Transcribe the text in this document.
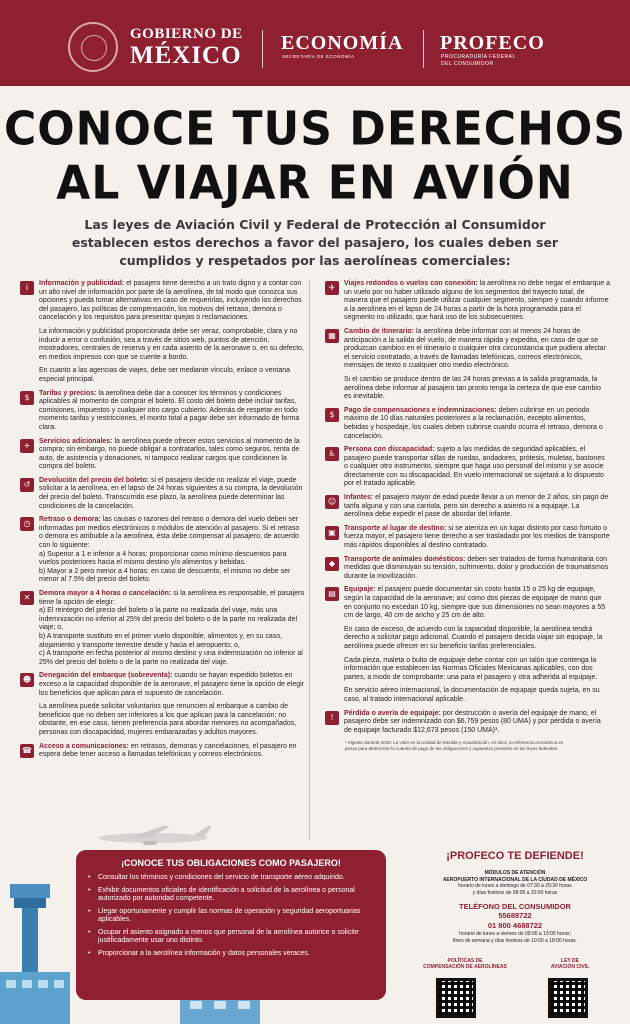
GOBIERNO DE
MÉXICO ECONOMÍA
SECRETARÍA DE ECONOMÍA
PROFECO
PROCURADURÍA FEDERAL
DEL CONSUMIDOR
CONOCE TUS DERECHOS
AL VIAJAR EN AVIÓN
Las leyes de Aviación Civil y Federal de Protección al Consumidor establecen estos derechos a favor del pasajero, los cuales deben ser cumplidos y respetados por las aerolíneas comerciales:
i	Información y publicidad: el pasajero tiene derecho a un trato digno y a contar con un alto nivel de información por parte de la aerolínea, de tal modo que conozca sus opciones y pueda tomar alternativas en caso de requerirlas, incluyendo los derechos del pasajero, las políticas de compensación, los motivos del retraso, demora o cancelación y los requisitos para presentar quejas o reclamaciones.
La información y publicidad proporcionada debe ser veraz, comprobable, clara y no inducir a error o confusión, sea a través de sitios web, puntos de atención, mostradores, centrales de reserva y en cada asiento de la aeronave o, en su defecto, en medios impresos con que se cuente a bordo.
En cuanto a las agencias de viajes, debe ser mediante vínculo, enlace o ventana especial principal.
$	Tarifas y precios: la aerolínea debe dar a conocer los términos y condiciones aplicables al momento de comprar el boleto. El costo del boleto debe incluir tarifas, comisiones, impuestos y cualquier otro cargo cubierto. Además de respetar en todo momento tarifas y restricciones, el monto total a pagar debe ser informado de forma clara.
+	Servicios adicionales: la aerolínea puede ofrecer estos servicios al momento de la compra; sin embargo, no puede obligar a contratarlos, tales como seguros, renta de auto, de asistencia y donaciones, ni tampoco realizar cargos que condicionen la compra del boleto.
↺	Devolución del precio del boleto: si el pasajero decide no realizar el viaje, puede solicitar a la aerolínea, en el lapso de 24 horas siguientes a su compra, la devolución del precio del boleto. Transcurrido ese plazo, la aerolínea puede determinar las condiciones de la cancelación.
◷	Retraso o demora: las causas o razones del retraso o demora del vuelo deben ser informadas por medios electrónicos o módulos de atención al pasajero. Si el retraso o demora es atribuible a la aerolínea, ésta debe compensar al pasajero, de acuerdo con lo siguiente:
a) Superior a 1 e inferior a 4 horas: proporcionar como mínimo descuentos para vuelos posteriores hacia el mismo destino y/o alimentos y bebidas.
b) Mayor a 2 pero menor a 4 horas: en caso de descuento, el mismo no debe ser menor al 7.5% del precio del boleto.
✕	Demora mayor a 4 horas o cancelación: si la aerolínea es responsable, el pasajero tiene la opción de elegir:
a) El reintegro del precio del boleto o la parte no realizada del viaje, más una indemnización no inferior al 25% del precio del boleto o de la parte no realizada del viaje; o,
b) A transporte sustituto en el primer vuelo disponible, alimentos y, en su caso, alojamiento y transporte terrestre desde y hacia el aeropuerto; o,
c) A transporte en fecha posterior al mismo destino y una indemnización no inferior al 25% del precio del boleto o de la parte no realizada del viaje.
☻	Denegación del embarque (sobreventa): cuando se hayan expedido boletos en exceso a la capacidad disponible de la aeronave, el pasajero tiene la opción de elegir los beneficios que aplican para el supuesto de cancelación.
La aerolínea puede solicitar voluntarios que renuncien al embarque a cambio de beneficios que no deben ser inferiores a los que aplican para la cancelación; no obstante, en ese caso, tienen preferencia para abordar menores no acompañados, personas con discapacidad, mujeres embarazadas y adultos mayores.
☎ Acceso a comunicaciones: en retrasos, demoras y cancelaciones, el pasajero en espera debe tener acceso a llamadas telefónicas y correos electrónicos.
✈	Viajes redondos o vuelos con conexión: la aerolínea no debe negar el embarque a un vuelo por no haber utilizado alguno de los segmentos del trayecto total, de manera que el pasajero puede utilizar cualquier segmento, siempre y cuando informe a la aerolínea en el lapso de 24 horas a partir de la hora programada para el segmento no utilizado, que hará uso de los subsecuentes.
▦	Cambio de itinerario: la aerolínea debe informar con al menos 24 horas de anticipación a la salida del vuelo, de manera rápida y expedita, en caso de que se produzcan cambios en el itinerario o cualquier otra circunstancia que pudiera afectar el servicio contratado, a través de llamadas telefónicas, correos electrónicos, mensajes de texto o cualquier otro medio electrónico.
Si el cambio se produce dentro de las 24 horas previas a la salida programada, la aerolínea debe informar al pasajero tan pronto tenga la certeza de que ese cambio es inevitable.
$	Pago de compensaciones e indemnizaciones: deben cubrirse en un periodo máximo de 10 días naturales posteriores a la reclamación, excepto alimentos, bebidas y hospedaje, los cuales deben cubrirse cuando ocurra el retraso, demora o cancelación.
♿	Persona con discapacidad: sujeto a las medidas de seguridad aplicables, el pasajero puede transportar sillas de ruedas, andadores, prótesis, muletas, bastones o cualquier otro instrumento, siempre que haga uso personal del mismo y se asocie directamente con su discapacidad. En vuelo internacional se sujetará a lo dispuesto por el tratado aplicable.
☺	Infantes: el pasajero mayor de edad puede llevar a un menor de 2 años, sin pago de tarifa alguna y con una carriola, pero sin derecho a asiento ni a equipaje. La aerolínea debe expedir el pase de abordar del infante.
▣	Transporte al lugar de destino: si se aterriza en un lugar distinto por caso fortuito o fuerza mayor, el pasajero tiene derecho a ser trasladado por los medios de transporte más rápidos disponibles al destino contratado.
◆	Transporte de animales domésticos: deben ser tratados de forma humanitaria con medidas que disminuyan su tensión, sufrimiento, dolor y producción de traumatismos durante la movilización.
▤	Equipaje: el pasajero puede documentar sin costo hasta 15 o 25 kg de equipaje, según la capacidad de la aeronave; así como dos piezas de equipaje de mano que en conjunto no excedan 10 kg, siempre que sus dimensiones no sean mayores a 55 cm de largo, 40 cm de ancho y 25 cm de alto.
En caso de exceso, de acuerdo con la capacidad disponible, la aerolínea tendrá derecho a solicitar pago adicional. Cuando el pasajero decida viajar sin equipaje, la aerolínea puede ofrecer en su beneficio tarifas preferenciales.
Cada pieza, maleta o bulto de equipaje debe contar con un talón que contenga la información que establecen las Normas Oficiales Mexicanas aplicables, con dos partes, a modo de comprobante: una para el pasajero y otra adherida al equipaje.
En servicio aéreo internacional, la documentación de equipaje queda sujeta, en su caso, al tratado internacional aplicable.
!	Pérdida o avería de equipaje: por destrucción o avería del equipaje de mano, el pasajero debe ser indemnizado con $6,759 pesos (80 UMA) y por pérdida o avería de equipaje facturado $12,673 pesos (150 UMA)¹.
¹ Vigente durante 2019. La UMA es la Unidad de Medida y Actualización, es decir, la referencia económica en pesos para determinar la cuantía de pago de las obligaciones y supuestos previstos en las leyes federales.
¡CONOCE TUS OBLIGACIONES COMO PASAJERO!
• Consultar los términos y condiciones del servicio de transporte aéreo adquirido.
• Exhibir documentos oficiales de identificación a solicitud de la aerolínea o personal autorizado por autoridad competente.
• Llegar oportunamente y cumplir las normas de operación y seguridad aeroportuarias aplicables.
• Ocupar el asiento asignado a menos que personal de la aerolínea autorice o solicite justificadamente usar uno distinto.
• Proporcionar a la aerolínea información y datos personales veraces.
¡PROFECO TE DEFIENDE!
MÓDULOS DE ATENCIÓN
AEROPUERTO INTERNACIONAL DE LA CIUDAD DE MÉXICO
horario de lunes a domingo de 07:30 a 20:30 horas
y días festivos de 08:00 a 20:00 horas
TELÉFONO DEL CONSUMIDOR
55688722
01 800 4688722
horario de lunes a viernes de 09:00 a 19:00 horas;
fines de semana y días festivos de 10:00 a 18:00 horas.
POLÍTICAS DE
COMPENSACIÓN DE AEROLÍNEAS
LEY DE
AVIACIÓN CIVIL
